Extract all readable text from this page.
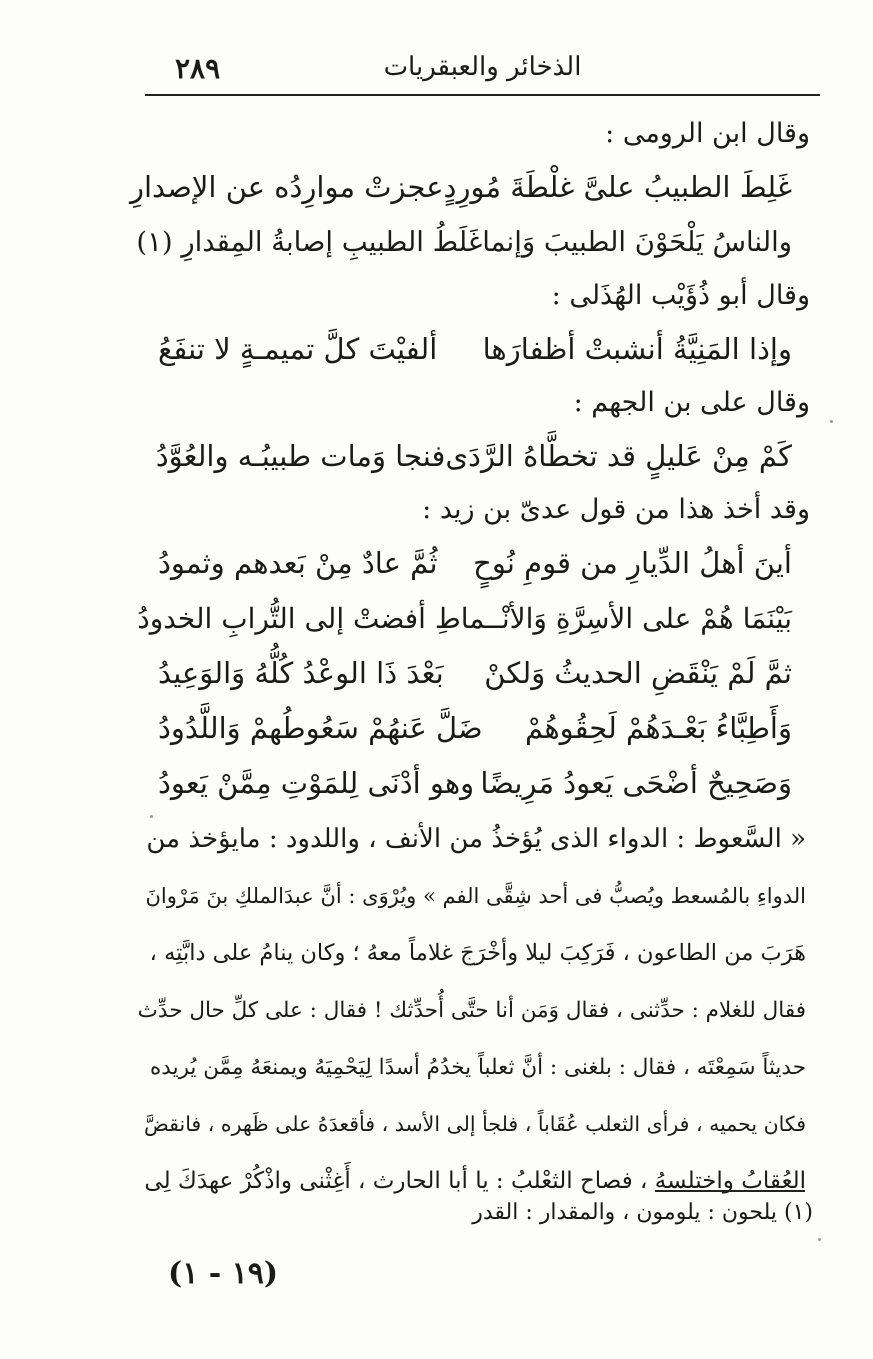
٢٨٩	الذخائر والعبقريات
وقال ابن الرومى :
غَلِطَ الطبيبُ علىَّ غلْطَةَ مُورِدٍ
عجزتْ موارِدُه عن الإصدارِ
والناسُ يَلْحَوْنَ الطبيبَ وَإنما
غَلَطُ الطبيبِ إصابةُ المِقدارِ (١)
وقال أبو ذُؤَيْب الهُذَلى :
وإذا المَنِيَّةُ أنشبتْ أظفارَها
ألفيْتَ كلَّ تميمـةٍ لا تنفَعُ
وقال على بن الجهم :
كَمْ مِنْ عَليلٍ قد تخطَّاهُ الرَّدَى
فنجا وَمات طبيبُـه والعُوَّدُ
وقد أخذ هذا من قول عدىّ بن زيد :
أينَ أهلُ الدِّيارِ من قومِ نُوحٍ
ثُمَّ عادٌ مِنْ بَعدهم وثمودُ
بَيْنَمَا هُمْ على الأسِرَّةِ وَالأنْـ
ـماطِ أفضتْ إلى التُّرابِ الخدودُ
ثمَّ لَمْ يَنْقَضِ الحديثُ وَلكنْ
بَعْدَ ذَا الوعْدُ كُلُّهُ وَالوَعِيدُ
وَأَطِبَّاءُ بَعْـدَهُمْ لَحِقُوهُمْ
ضَلَّ عَنهُمْ سَعُوطُهمْ وَاللَّدُودُ
وَصَحِيحٌ أضْحَى يَعودُ مَرِيضًا
وهو أدْنَى لِلمَوْتِ مِمَّنْ يَعودُ
« السَّعوط : الدواء الذى يُؤخذُ من الأنف ، واللدود : مايؤخذ من
الدواءِ بالمُسعط ويُصبُّ فى أحد شِقَّى الفم » ويُرْوَى : أنَّ عبدَالملكِ بنَ مَرْوانَ
هَرَبَ من الطاعون ، فَرَكِبَ ليلا وأخْرَجَ غلاماً معهُ ؛ وكان ينامُ على دابَّتِه ،
فقال للغلام : حدِّثنى ، فقال وَمَن أنا حتَّى أُحدِّثك ! فقال : على كلِّ حال حدِّث
حديثاً سَمِعْتَه ، فقال : بلغنى : أنَّ ثعلباً يخدُمُ أسدًا لِيَحْمِيَهُ ويمنعَهُ مِمَّن يُريده
فكان يحميه ، فرأى الثعلب عُقَاباً ، فلجأ إلى الأسد ، فأقعدَهُ على ظَهره ، فانقضَّ
العُقابُ واختلسهُ ، فصاح الثعْلبُ : يا أبا الحارث ، أَغِثْنى واذْكُرْ عهدَكَ لِى
(١) يلحون : يلومون ، والمقدار : القدر
(١٩ - ١)
